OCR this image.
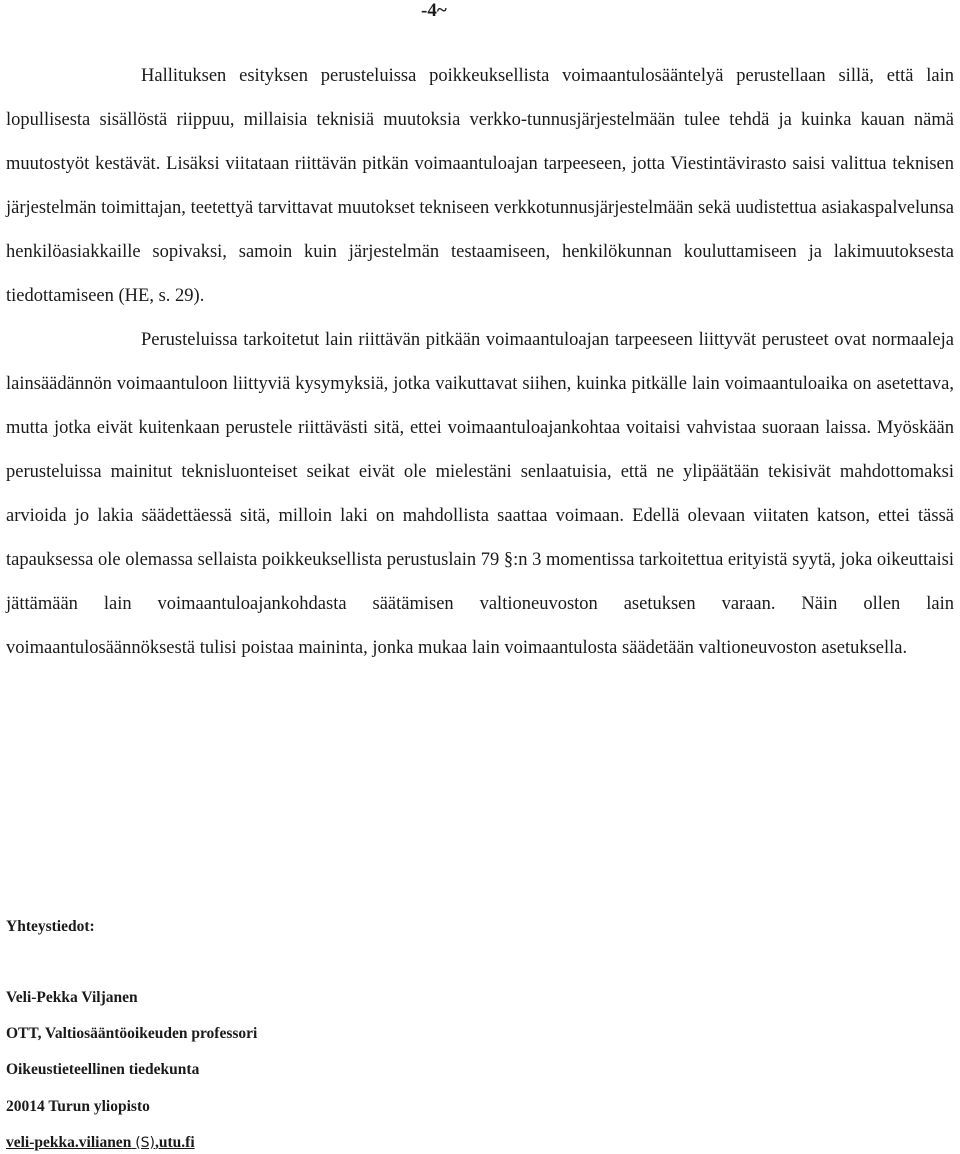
-4~

Hallituksen esityksen perusteluissa poikkeuksellista voimaantulosääntelyä perustellaan sillä, että lain lopullisesta sisällöstä riippuu, millaisia teknisiä muutoksia verkko-tunnusjärjestelmään tulee tehdä ja kuinka kauan nämä muutostyöt kestävät. Lisäksi viitataan riittävän pitkän voimaantuloajan tarpeeseen, jotta Viestintävirasto saisi valittua teknisen järjestelmän toimittajan, teetettyä tarvittavat muutokset tekniseen verkkotunnusjärjestelmään sekä uudistettua asiakaspalvelunsa henkilöasiakkaille sopivaksi, samoin kuin järjestelmän testaamiseen, henkilökunnan kouluttamiseen ja lakimuutoksesta tiedottamiseen (HE, s. 29).

Perusteluissa tarkoitetut lain riittävän pitkään voimaantuloajan tarpeeseen liittyvät perusteet ovat normaaleja lainsäädännön voimaantuloon liittyviä kysymyksiä, jotka vaikuttavat siihen, kuinka pitkälle lain voimaantuloaika on asetettava, mutta jotka eivät kuitenkaan perustele riittävästi sitä, ettei voimaantuloajankohtaa voitaisi vahvistaa suoraan laissa. Myöskään perusteluissa mainitut teknisluonteiset seikat eivät ole mielestäni senlaatuisia, että ne ylipäätään tekisivät mahdottomaksi arvioida jo lakia säädettäessä sitä, milloin laki on mahdollista saattaa voimaan. Edellä olevaan viitaten katson, ettei tässä tapauksessa ole olemassa sellaista poikkeuksellista perustuslain 79 §:n 3 momentissa tarkoitettua erityistä syytä, joka oikeuttaisi jättämään lain voimaantuloajankohdasta säätämisen valtioneuvoston asetuksen varaan. Näin ollen lain voimaantulosäännöksestä tulisi poistaa maininta, jonka mukaa lain voimaantulosta säädetään valtioneuvoston asetuksella.

Yhteystiedot:
Veli-Pekka Viljanen
OTT, Valtiosääntöoikeuden professori
Oikeustieteellinen tiedekunta
20014 Turun yliopisto
veli-pekka.vilianen (S),utu.fi
